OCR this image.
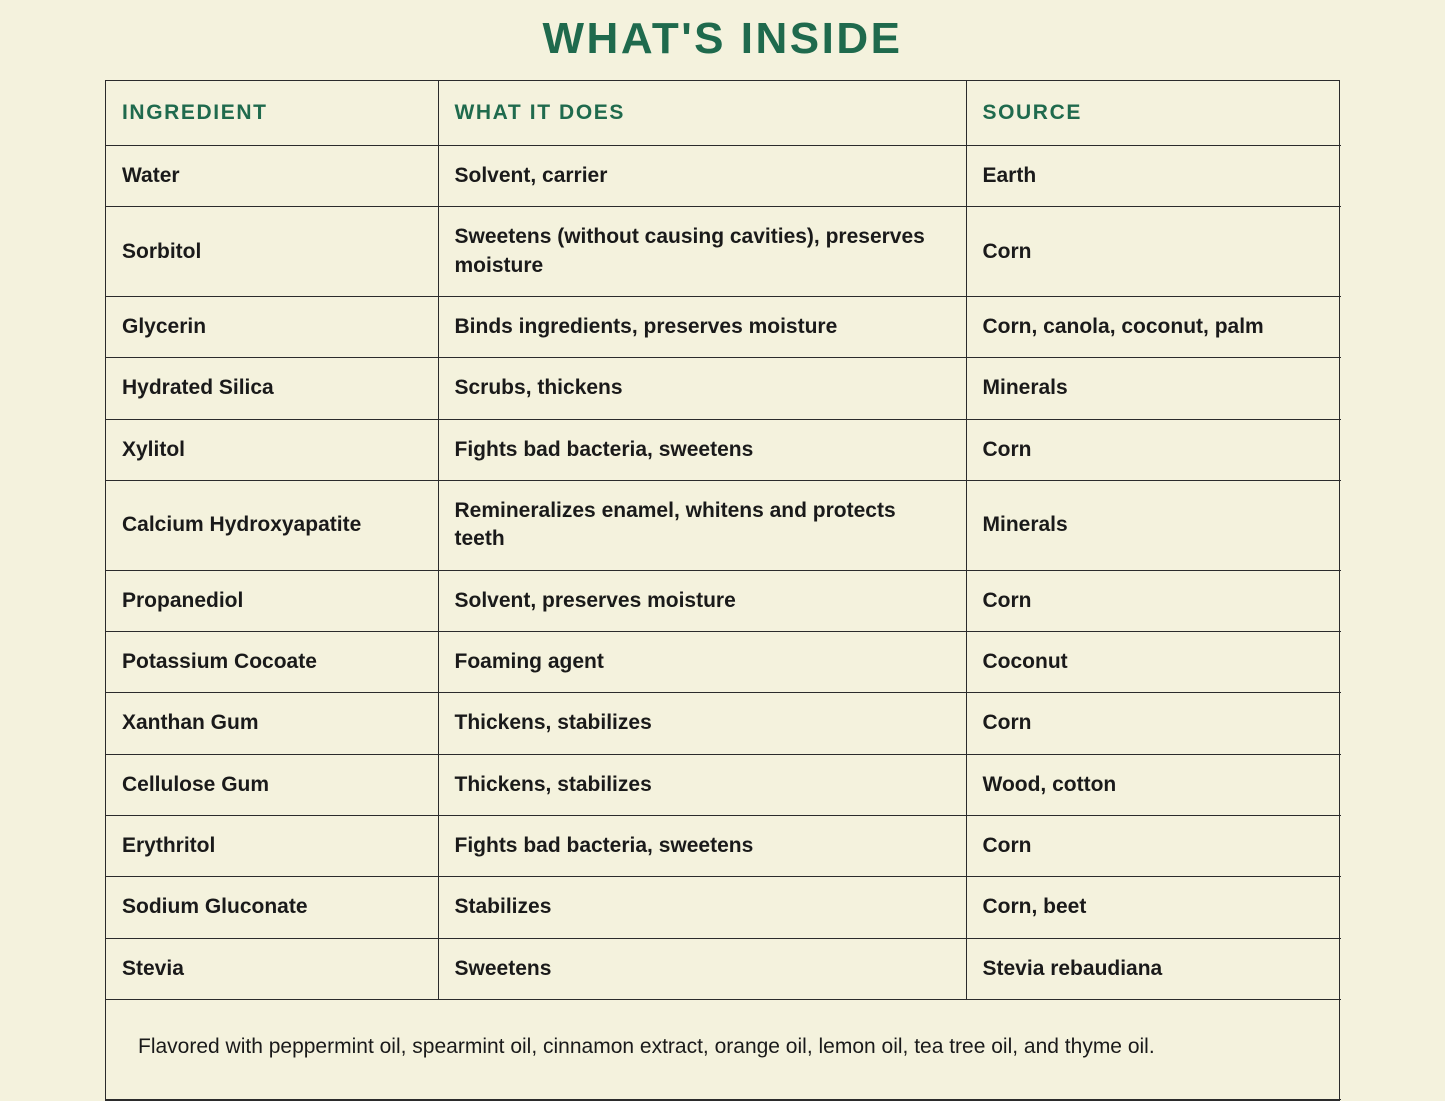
WHAT'S INSIDE
INGREDIENT	WHAT IT DOES	SOURCE
Water	Solvent, carrier	Earth
Sorbitol	Sweetens (without causing cavities), preserves moisture	Corn
Glycerin	Binds ingredients, preserves moisture	Corn, canola, coconut, palm
Hydrated Silica	Scrubs, thickens	Minerals
Xylitol	Fights bad bacteria, sweetens	Corn
Calcium Hydroxyapatite	Remineralizes enamel, whitens and protects teeth	Minerals
Propanediol	Solvent, preserves moisture	Corn
Potassium Cocoate	Foaming agent	Coconut
Xanthan Gum	Thickens, stabilizes	Corn
Cellulose Gum	Thickens, stabilizes	Wood, cotton
Erythritol	Fights bad bacteria, sweetens	Corn
Sodium Gluconate	Stabilizes	Corn, beet
Stevia	Sweetens	Stevia rebaudiana

Flavored with peppermint oil, spearmint oil, cinnamon extract, orange oil, lemon oil, tea tree oil, and thyme oil.		
